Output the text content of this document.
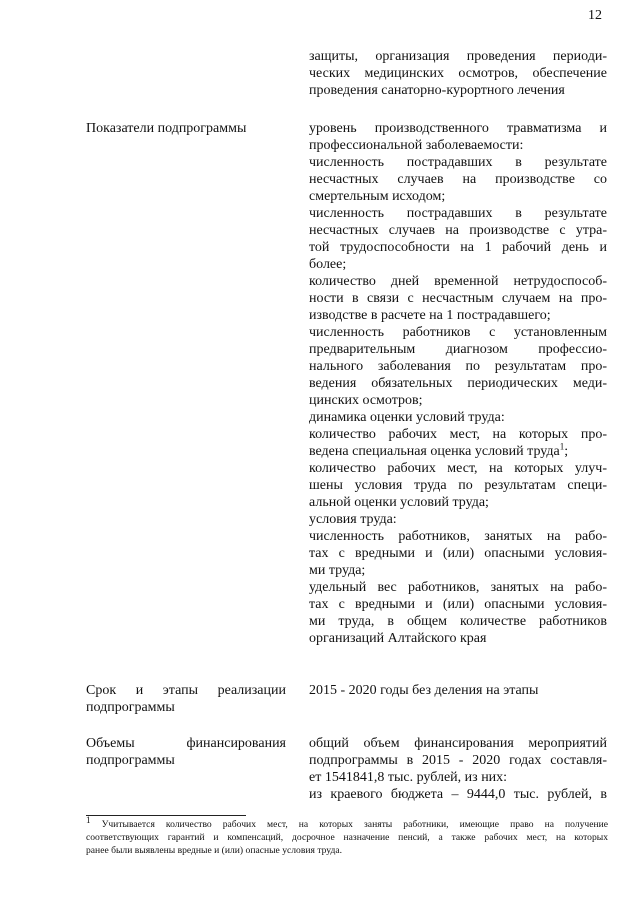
12
защиты, организация проведения периоди-
ческих медицинских осмотров, обеспечение
проведения санаторно-курортного лечения
Показатели подпрограммы	уровень производственного травматизма и
профессиональной заболеваемости:
численность пострадавших в результате
несчастных случаев на производстве со
смертельным исходом;
численность пострадавших в результате
несчастных случаев на производстве с утра-
той трудоспособности на 1 рабочий день и
более;
количество дней временной нетрудоспособ-
ности в связи с несчастным случаем на про-
изводстве в расчете на 1 пострадавшего;
численность работников с установленным
предварительным диагнозом профессио-
нального заболевания по результатам про-
ведения обязательных периодических меди-
цинских осмотров;
динамика оценки условий труда:
количество рабочих мест, на которых про-
ведена специальная оценка условий труда$^1$;
количество рабочих мест, на которых улуч-
шены условия труда по результатам специ-
альной оценки условий труда;
условия труда:
численность работников, занятых на рабо-
тах с вредными и (или) опасными условия-
ми труда;
удельный вес работников, занятых на рабо-
тах с вредными и (или) опасными условия-
ми труда, в общем количестве работников
организаций Алтайского края
Срок и этапы реализации
подпрограммы
2015 - 2020 годы без деления на этапы
Объемы финансирования
подпрограммы
общий объем финансирования мероприятий
подпрограммы в 2015 - 2020 годах составля-
ет 1541841,8 тыс. рублей, из них:
из краевого бюджета – 9444,0 тыс. рублей, в
$^1$ Учитывается количество рабочих мест, на которых заняты работники, имеющие право на получение
соответствующих гарантий и компенсаций, досрочное назначение пенсий, а также рабочих мест, на которых
ранее были выявлены вредные и (или) опасные условия труда.
